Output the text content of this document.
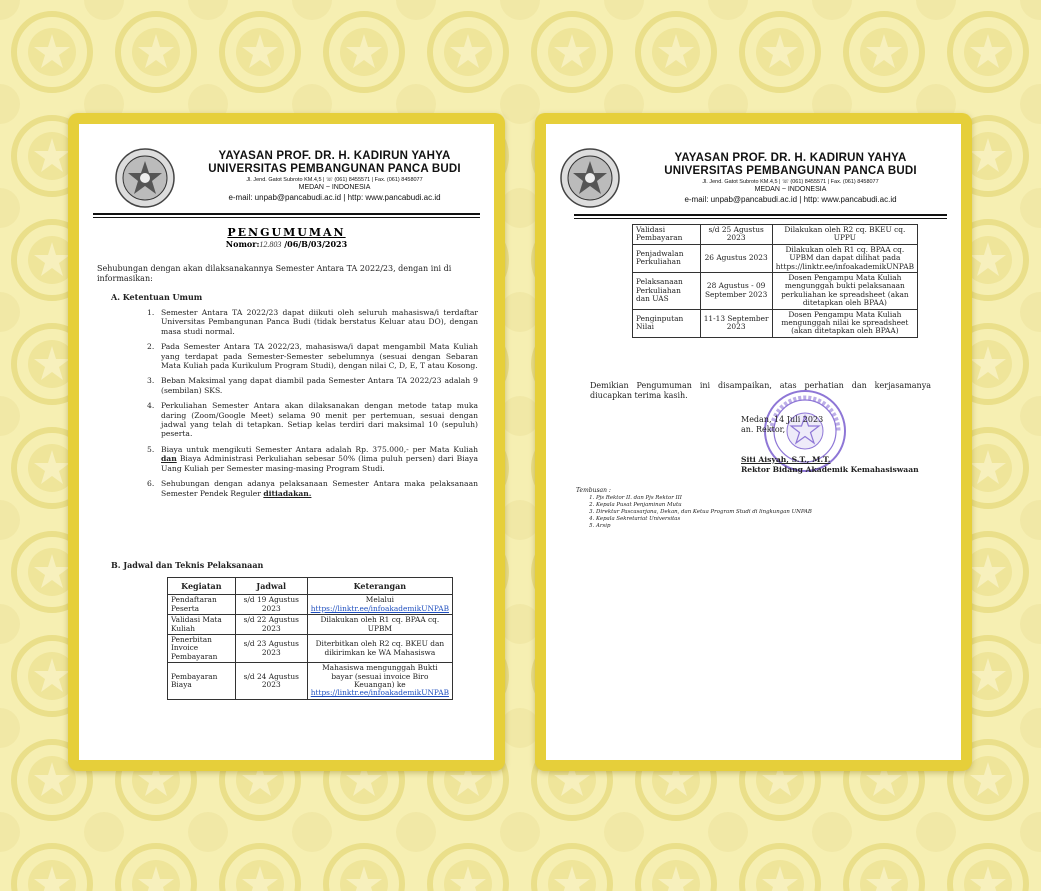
YAYASAN PROF. DR. H. KADIRUN YAHYA
UNIVERSITAS PEMBANGUNAN PANCA BUDI
Jl. Jend. Gatot Subroto KM.4,5 | ☏ (061) 8455571 | Fax. (061) 8458077
MEDAN ~ INDONESIA
e-mail: unpab@pancabudi.ac.id | http: www.pancabudi.ac.id
PENGUMUMAN
Nomor:12.803 /06/B/03/2023
Sehubungan dengan akan dilaksanakannya Semester Antara TA 2022/23, dengan ini di informasikan:
A. Ketentuan Umum
1. Semester Antara TA 2022/23 dapat diikuti oleh seluruh mahasiswa/i terdaftar Universitas Pembangunan Panca Budi (tidak berstatus Keluar atau DO), dengan masa studi normal.
2. Pada Semester Antara TA 2022/23, mahasiswa/i dapat mengambil Mata Kuliah yang terdapat pada Semester-Semester sebelumnya (sesuai dengan Sebaran Mata Kuliah pada Kurikulum Program Studi), dengan nilai C, D, E, T atau Kosong.
3. Beban Maksimal yang dapat diambil pada Semester Antara TA 2022/23 adalah 9 (sembilan) SKS.
4. Perkuliahan Semester Antara akan dilaksanakan dengan metode tatap muka daring (Zoom/Google Meet) selama 90 menit per pertemuan, sesuai dengan jadwal yang telah di tetapkan. Setiap kelas terdiri dari maksimal 10 (sepuluh) peserta.
5. Biaya untuk mengikuti Semester Antara adalah Rp. 375.000,- per Mata Kuliah dan Biaya Administrasi Perkuliahan sebesar 50% (lima puluh persen) dari Biaya Uang Kuliah per Semester masing-masing Program Studi.
6. Sehubungan dengan adanya pelaksanaan Semester Antara maka pelaksanaan Semester Pendek Reguler ditiadakan.
B. Jadwal dan Teknis Pelaksanaan
Kegiatan	Jadwal	Keterangan
Pendaftaran Peserta	s/d 19 Agustus 2023	Melalui
https://linktr.ee/infoakademikUNPAB
Validasi Mata Kuliah	s/d 22 Agustus 2023	Dilakukan oleh R1 cq. BPAA cq. UPBM
Penerbitan Invoice Pembayaran	s/d 23 Agustus 2023	Diterbitkan oleh R2 cq. BKEU dan dikirimkan ke WA Mahasiswa
Pembayaran Biaya	s/d 24 Agustus 2023	Mahasiswa mengunggah Bukti bayar (sesuai invoice Biro Keuangan) ke
https://linktr.ee/infoakademikUNPAB
YAYASAN PROF. DR. H. KADIRUN YAHYA
UNIVERSITAS PEMBANGUNAN PANCA BUDI
Jl. Jend. Gatot Subroto KM.4,5 | ☏ (061) 8455571 | Fax. (061) 8458077
MEDAN ~ INDONESIA
e-mail: unpab@pancabudi.ac.id | http: www.pancabudi.ac.id
Validasi Pembayaran	s/d 25 Agustus 2023	Dilakukan oleh R2 cq. BKEU cq. UPPU
Penjadwalan Perkuliahan	26 Agustus 2023	Dilakukan oleh R1 cq. BPAA cq. UPBM dan dapat dilihat pada
https://linktr.ee/infoakademikUNPAB
Pelaksanaan Perkuliahan dan UAS	28 Agustus - 09 September 2023	Dosen Pengampu Mata Kuliah mengunggah bukti pelaksanaan perkuliahan ke spreadsheet (akan ditetapkan oleh BPAA)
Penginputan Nilai	11-13 September 2023	Dosen Pengampu Mata Kuliah mengunggah nilai ke spreadsheet (akan ditetapkan oleh BPAA)
Demikian Pengumuman ini disampaikan, atas perhatian dan kerjasamanya diucapkan terima kasih.
Medan, 14 Juli 2023
an. Rektor,
Siti Aisyah, S.T., M.T.
Rektor Bidang Akademik Kemahasiswaan
Tembusan :
1. Pjs Rektor II. dan Pjs Rektor III
2. Kepala Pusat Penjaminan Mutu
3. Direktur Pascasarjana, Dekan, dan Ketua Program Studi di lingkungan UNPAB
4. Kepala Sekretariat Universitas
5. Arsip
